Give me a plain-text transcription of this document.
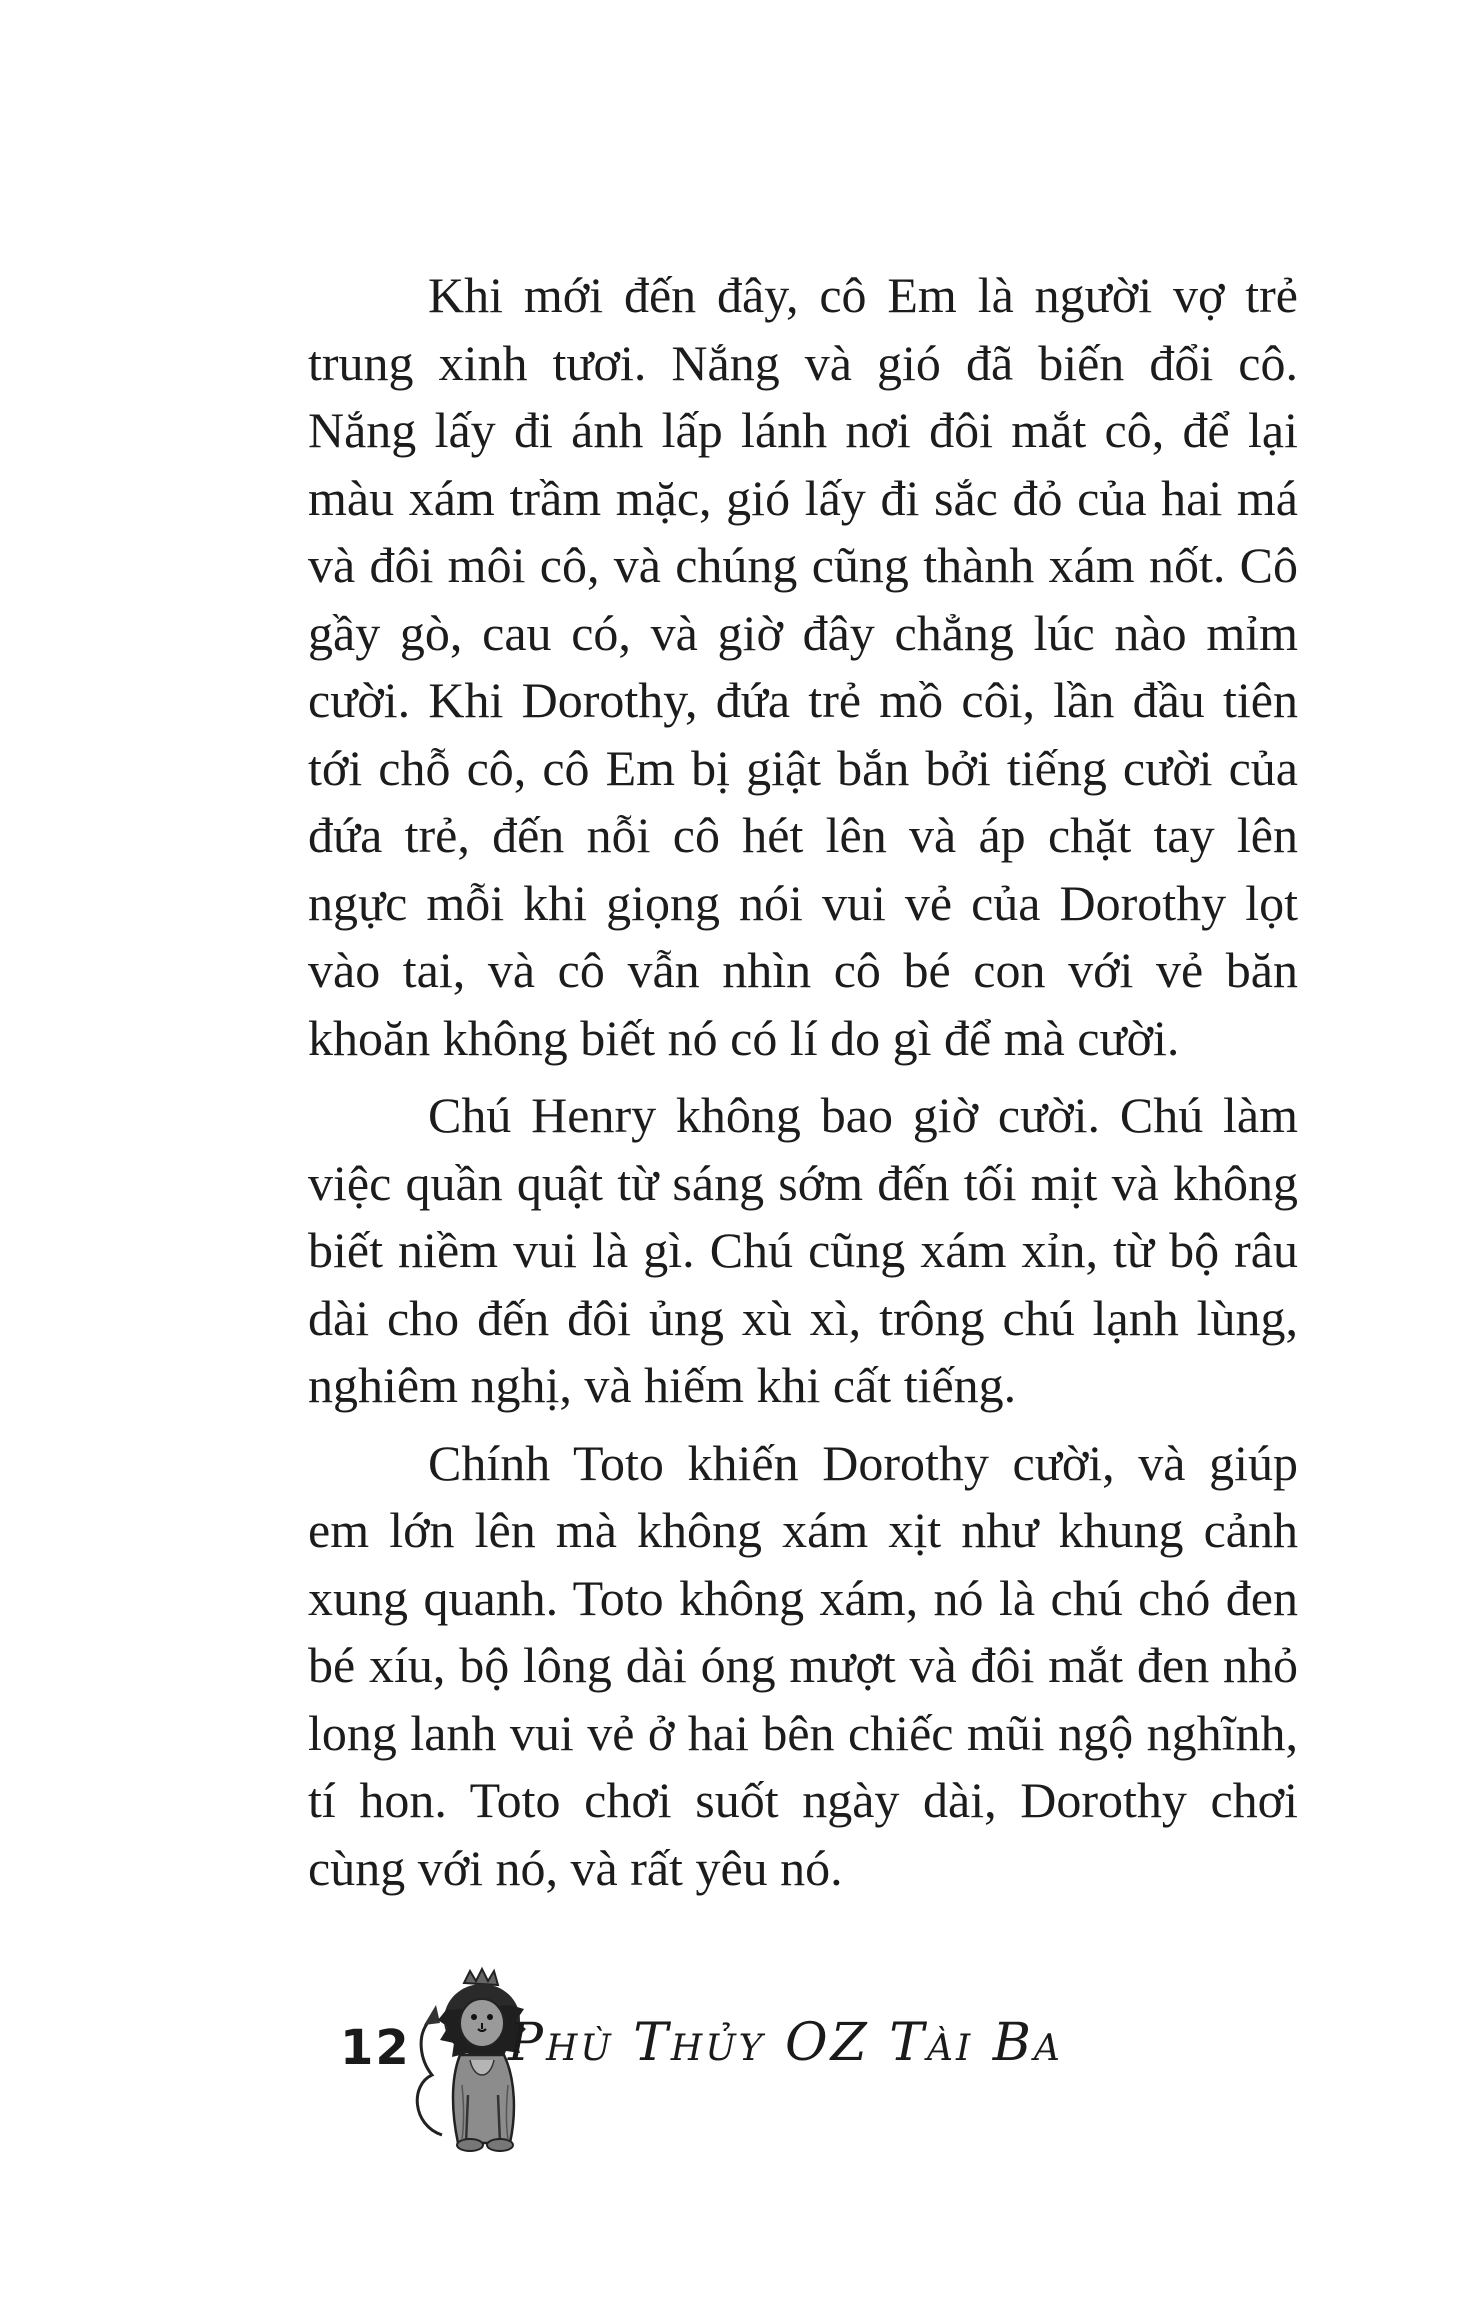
Khi mới đến đây, cô Em là người vợ trẻ trung xinh tươi. Nắng và gió đã biến đổi cô. Nắng lấy đi ánh lấp lánh nơi đôi mắt cô, để lại màu xám trầm mặc, gió lấy đi sắc đỏ của hai má và đôi môi cô, và chúng cũng thành xám nốt. Cô gầy gò, cau có, và giờ đây chẳng lúc nào mỉm cười. Khi Dorothy, đứa trẻ mồ côi, lần đầu tiên tới chỗ cô, cô Em bị giật bắn bởi tiếng cười của đứa trẻ, đến nỗi cô hét lên và áp chặt tay lên ngực mỗi khi giọng nói vui vẻ của Dorothy lọt vào tai, và cô vẫn nhìn cô bé con với vẻ băn khoăn không biết nó có lí do gì để mà cười.

Chú Henry không bao giờ cười. Chú làm việc quần quật từ sáng sớm đến tối mịt và không biết niềm vui là gì. Chú cũng xám xỉn, từ bộ râu dài cho đến đôi ủng xù xì, trông chú lạnh lùng, nghiêm nghị, và hiếm khi cất tiếng.

Chính Toto khiến Dorothy cười, và giúp em lớn lên mà không xám xịt như khung cảnh xung quanh. Toto không xám, nó là chú chó đen bé xíu, bộ lông dài óng mượt và đôi mắt đen nhỏ long lanh vui vẻ ở hai bên chiếc mũi ngộ nghĩnh, tí hon. Toto chơi suốt ngày dài, Dorothy chơi cùng với nó, và rất yêu nó.

12 Phù Thủy OZ Tài Ba
